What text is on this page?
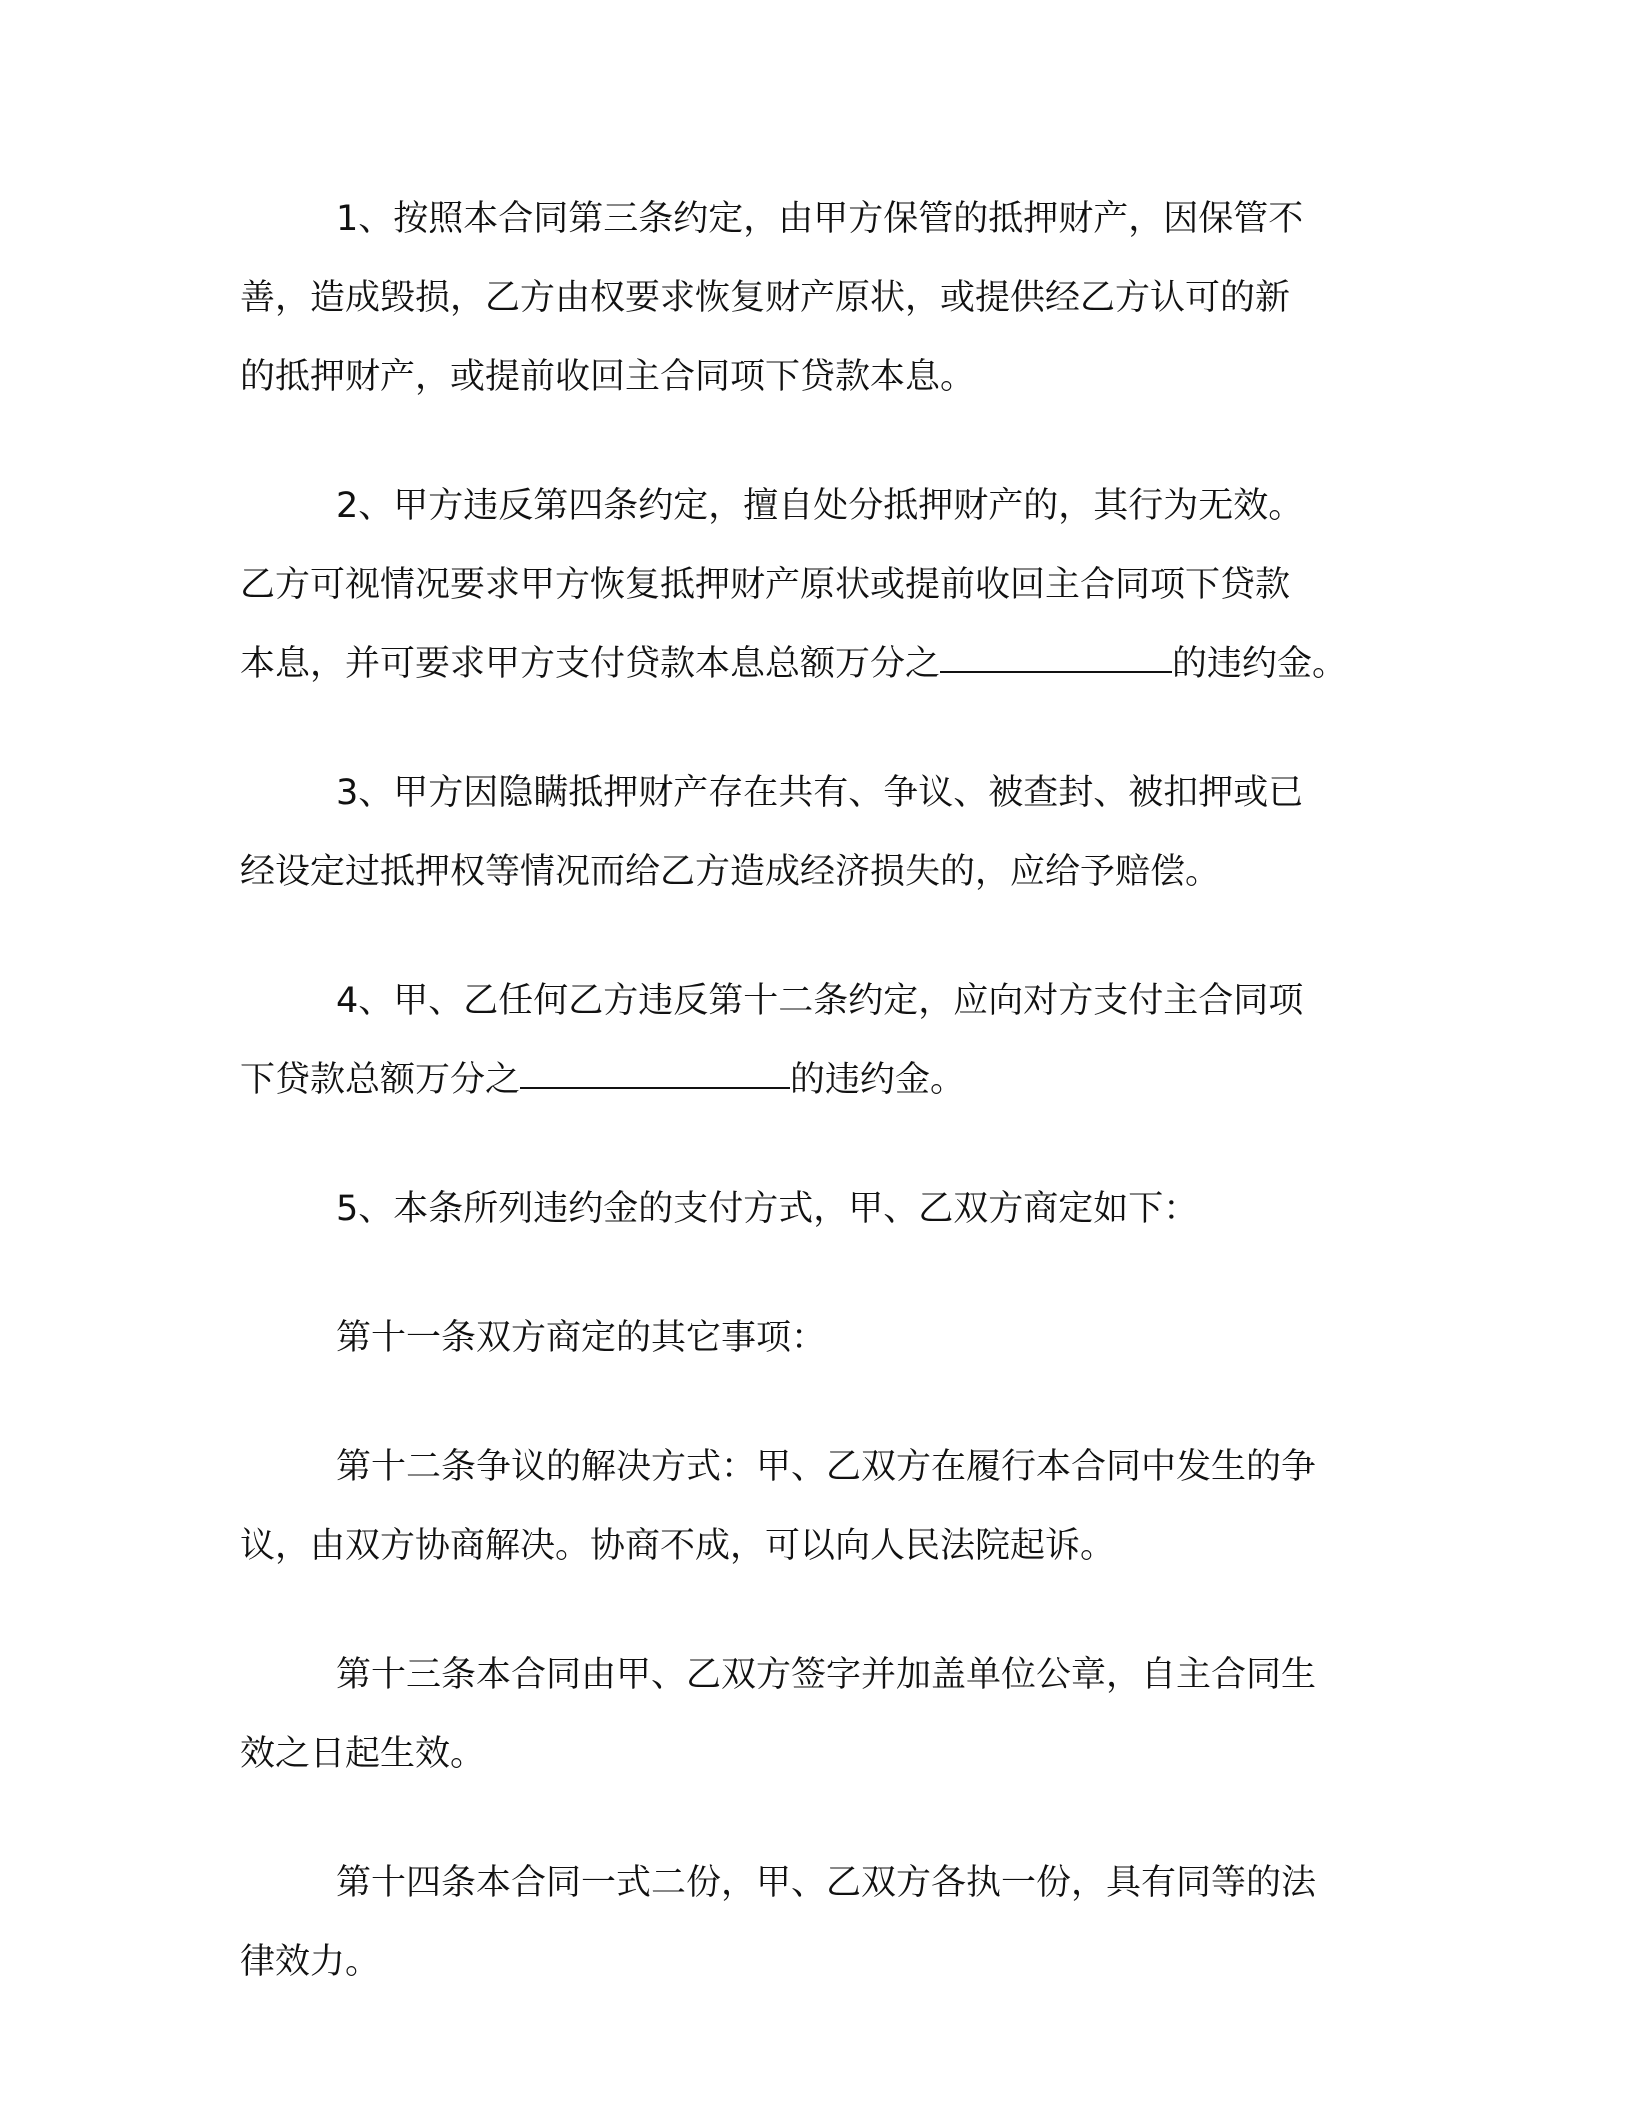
1、按照本合同第三条约定，由甲方保管的抵押财产，因保管不
善，造成毁损，乙方由权要求恢复财产原状，或提供经乙方认可的新
的抵押财产，或提前收回主合同项下贷款本息。

2、甲方违反第四条约定，擅自处分抵押财产的，其行为无效。
乙方可视情况要求甲方恢复抵押财产原状或提前收回主合同项下贷款
本息，并可要求甲方支付贷款本息总额万分之	的违约金。

3、甲方因隐瞒抵押财产存在共有、争议、被查封、被扣押或已
经设定过抵押权等情况而给乙方造成经济损失的，应给予赔偿。

4、甲、乙任何乙方违反第十二条约定，应向对方支付主合同项
下贷款总额万分之	的违约金。

5、本条所列违约金的支付方式，甲、乙双方商定如下：

第十一条双方商定的其它事项：

第十二条争议的解决方式：甲、乙双方在履行本合同中发生的争
议，由双方协商解决。协商不成，可以向人民法院起诉。

第十三条本合同由甲、乙双方签字并加盖单位公章，自主合同生
效之日起生效。

第十四条本合同一式二份，甲、乙双方各执一份，具有同等的法
律效力。
